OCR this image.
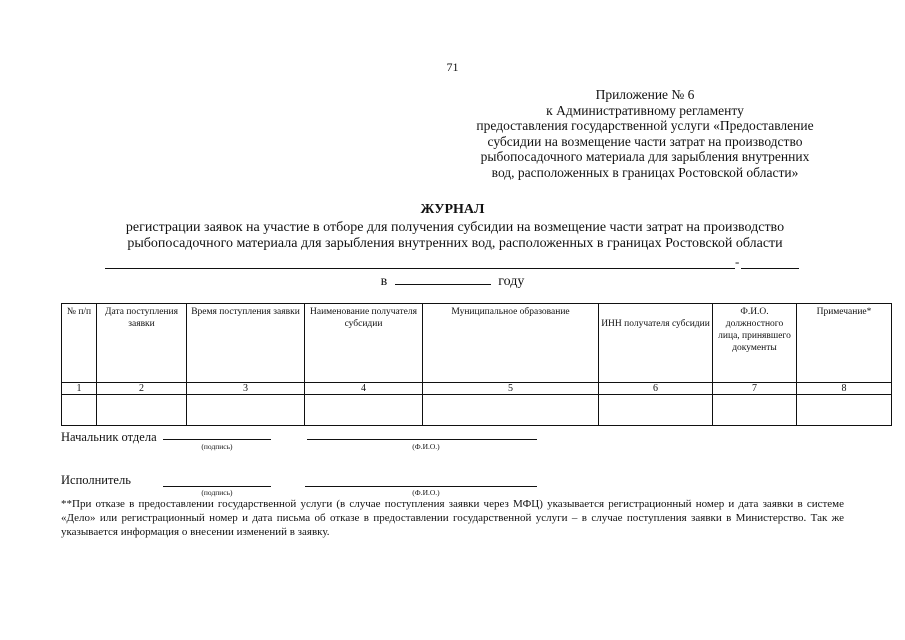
71
Приложение № 6
к Административному регламенту
предоставления государственной услуги «Предоставление
субсидии на возмещение части затрат на производство
рыбопосадочного материала для зарыбления внутренних
вод, расположенных в границах Ростовской области»
ЖУРНАЛ
регистрации заявок на участие в отборе для получения субсидии на возмещение части затрат на производство
рыбопосадочного материала для зарыбления внутренних вод, расположенных в границах Ростовской области
-
в	году
№ п/п	Дата поступления заявки	Время поступления заявки	Наименование получателя субсидии	Муниципальное образование	ИНН получателя субсидии	Ф.И.О. должностного лица, принявшего документы	Примечание*
1	2	3	4	5	6	7	8

Начальник отдела
(подпись)	(Ф.И.О.)
Исполнитель
(подпись)	(Ф.И.О.)
**При отказе в предоставлении государственной услуги (в случае поступления заявки через МФЦ) указывается регистрационный номер и дата заявки в системе «Дело» или регистрационный номер и дата письма об отказе в предоставлении государственной услуги – в случае поступления заявки в Министерство. Так же указывается информация о внесении изменений в заявку.
